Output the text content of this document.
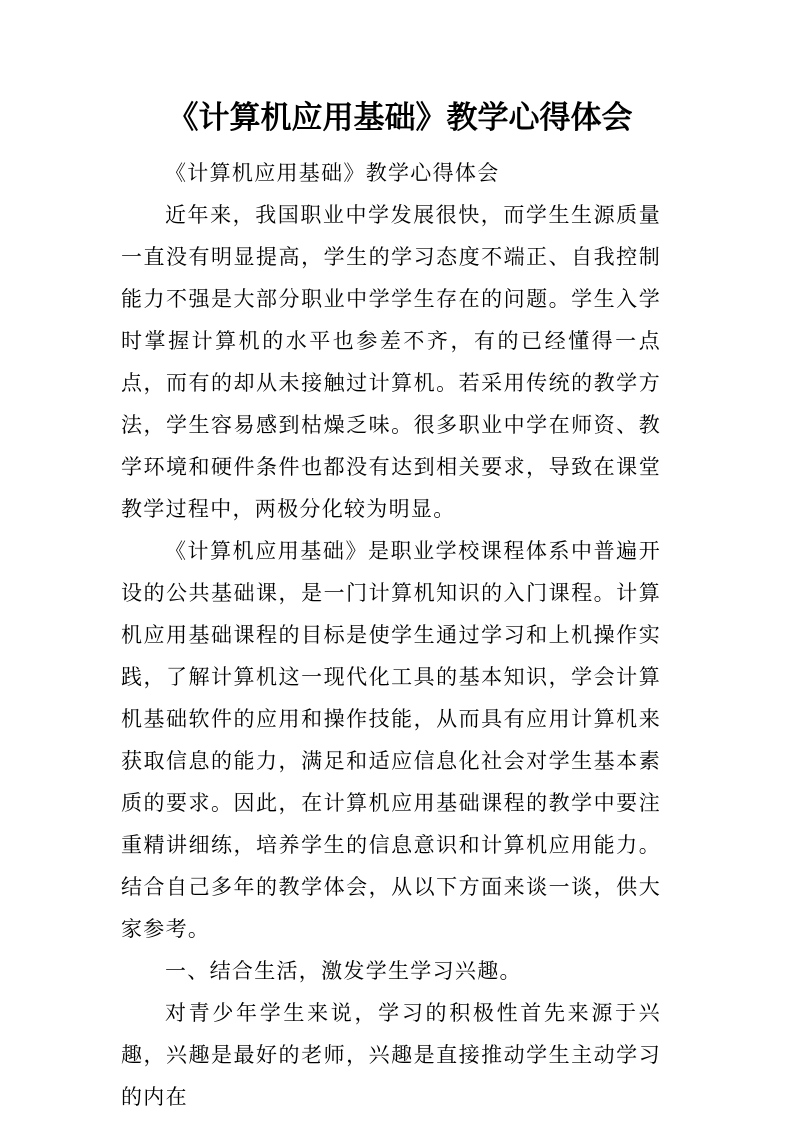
《计算机应用基础》教学心得体会

《计算机应用基础》教学心得体会

近年来，我国职业中学发展很快，而学生生源质量一直没有明显提高，学生的学习态度不端正、自我控制能力不强是大部分职业中学学生存在的问题。学生入学时掌握计算机的水平也参差不齐，有的已经懂得一点点，而有的却从未接触过计算机。若采用传统的教学方法，学生容易感到枯燥乏味。很多职业中学在师资、教学环境和硬件条件也都没有达到相关要求，导致在课堂教学过程中，两极分化较为明显。

《计算机应用基础》是职业学校课程体系中普遍开设的公共基础课，是一门计算机知识的入门课程。计算机应用基础课程的目标是使学生通过学习和上机操作实践，了解计算机这一现代化工具的基本知识，学会计算机基础软件的应用和操作技能，从而具有应用计算机来获取信息的能力，满足和适应信息化社会对学生基本素质的要求。因此，在计算机应用基础课程的教学中要注重精讲细练，培养学生的信息意识和计算机应用能力。结合自己多年的教学体会，从以下方面来谈一谈，供大家参考。

一、结合生活，激发学生学习兴趣。

对青少年学生来说，学习的积极性首先来源于兴趣，兴趣是最好的老师，兴趣是直接推动学生主动学习的内在
